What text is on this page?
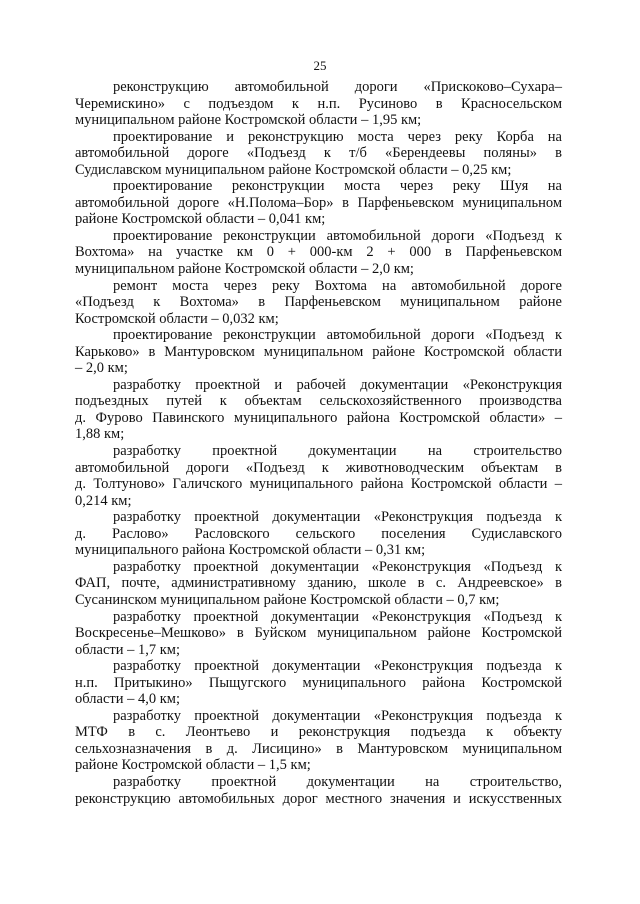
25
реконструкцию автомобильной дороги «Прискоково–Сухара–
Черемискино» с подъездом к н.п. Русиново в Красносельском
муниципальном районе Костромской области – 1,95 км;
проектирование и реконструкцию моста через реку Корба на
автомобильной дороге «Подъезд к т/б «Берендеевы поляны» в
Судиславском муниципальном районе Костромской области – 0,25 км;
проектирование реконструкции моста через реку Шуя на
автомобильной дороге «Н.Полома–Бор» в Парфеньевском муниципальном
районе Костромской области – 0,041 км;
проектирование реконструкции автомобильной дороги «Подъезд к
Вохтома» на участке км 0 + 000-км 2 + 000 в Парфеньевском
муниципальном районе Костромской области – 2,0 км;
ремонт моста через реку Вохтома на автомобильной дороге
«Подъезд к Вохтома» в Парфеньевском муниципальном районе
Костромской области – 0,032 км;
проектирование реконструкции автомобильной дороги «Подъезд к
Карьково» в Мантуровском муниципальном районе Костромской области
– 2,0 км;
разработку проектной и рабочей документации «Реконструкция
подъездных путей к объектам сельскохозяйственного производства
д. Фурово Павинского муниципального района Костромской области» –
1,88 км;
разработку проектной документации на строительство
автомобильной дороги «Подъезд к животноводческим объектам в
д. Толтуново» Галичского муниципального района Костромской области –
0,214 км;
разработку проектной документации «Реконструкция подъезда к
д. Раслово» Расловского сельского поселения Судиславского
муниципального района Костромской области – 0,31 км;
разработку проектной документации «Реконструкция «Подъезд к
ФАП, почте, административному зданию, школе в с. Андреевское» в
Сусанинском муниципальном районе Костромской области – 0,7 км;
разработку проектной документации «Реконструкция «Подъезд к
Воскресенье–Мешково» в Буйском муниципальном районе Костромской
области – 1,7 км;
разработку проектной документации «Реконструкция подъезда к
н.п. Притыкино» Пыщугского муниципального района Костромской
области – 4,0 км;
разработку проектной документации «Реконструкция подъезда к
МТФ в с. Леонтьево и реконструкция подъезда к объекту
сельхозназначения в д. Лисицино» в Мантуровском муниципальном
районе Костромской области – 1,5 км;
разработку проектной документации на строительство,
реконструкцию автомобильных дорог местного значения и искусственных
